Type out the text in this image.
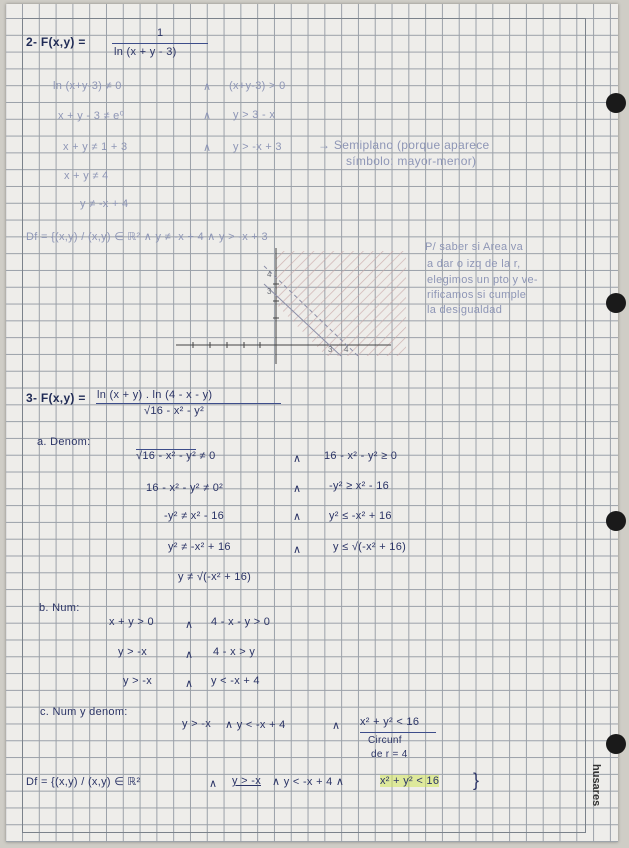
husares
2- F(x,y) =
1
ln (x + y - 3)
ln (x+y-3) ≠ 0	∧ (x+y-3) > 0
x + y - 3 ≠ e⁰	∧ y > 3 - x
x + y ≠ 1 + 3	∧ y > -x + 3	→ Semiplano (porque aparece
símbolo: mayor-menor)
x + y ≠ 4
y ≠ -x + 4
Df = {(x,y) / (x,y) ∈ ℝ² ∧ y ≠ -x + 4 ∧ y > -x + 3
P/ saber si Area va
a dar o izq de la r,
elegimos un pto y ve-
rificamos si cumple
la desigualdad
4
3
3 4
3- F(x,y) = ln (x + y) . ln (4 - x - y)
√16 - x² - y²
a. Denom:
√16 - x² - y² ≠ 0	∧ 16 - x² - y² ≥ 0
16 - x² - y² ≠ 0²	∧	-y² ≥ x² - 16
-y² ≠ x² - 16	∧	y² ≤ -x² + 16
y² ≠ -x² + 16	∧	y ≤ √(-x² + 16)
y ≠ √(-x² + 16)
b. Num:
x + y > 0	∧ 4 - x - y > 0
y > -x	∧ 4 - x > y
y > -x	∧ y < -x + 4
c. Num y denom:
y > -x ∧ y < -x + 4	∧ x² + y² < 16
Circunf
de r = 4
Df = {(x,y) / (x,y) ∈ ℝ²	∧ y > -x ∧ y < -x + 4 ∧	x² + y² < 16 }
